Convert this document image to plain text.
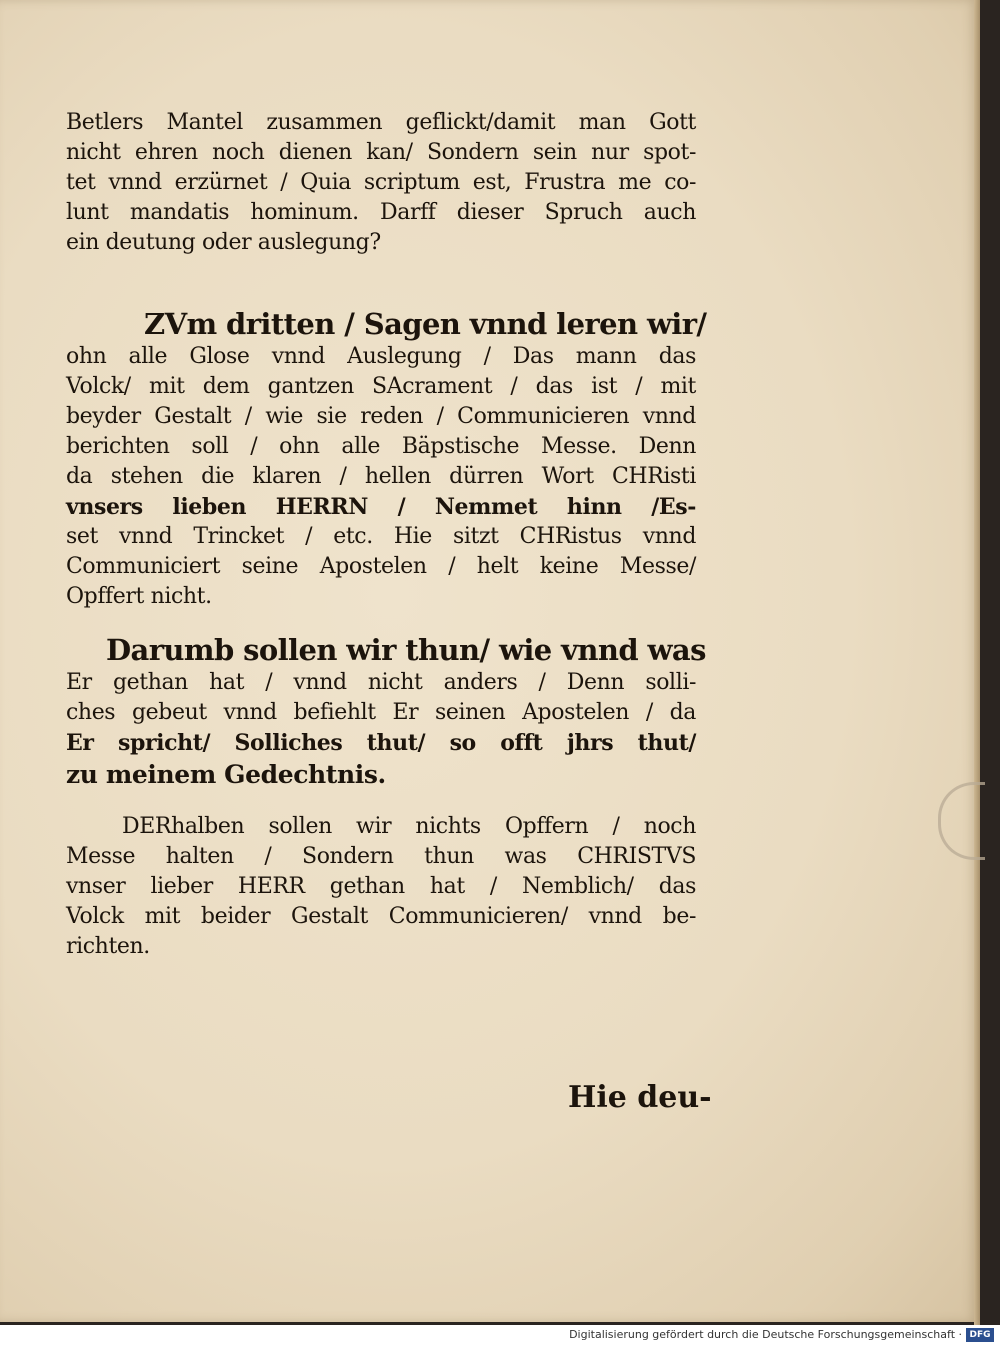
Betlers Mantel zusammen geflickt/damit man Gott
nicht ehren noch dienen kan/ Sondern sein nur spot-
tet vnnd erzürnet / Quia scriptum est, Frustra me co-
lunt mandatis hominum. Darff dieser Spruch auch
ein deutung oder auslegung?
ZVm dritten / Sagen vnnd leren wir/
ohn alle Glose vnnd Auslegung / Das mann das
Volck/ mit dem gantzen SAcrament / das ist / mit
beyder Gestalt / wie sie reden / Communicieren vnnd
berichten soll / ohn alle Bäpstische Messe. Denn
da stehen die klaren / hellen dürren Wort CHRisti
vnsers lieben HERRN / Nemmet hinn /Es-
set vnnd Trincket / etc. Hie sitzt CHRistus vnnd
Communiciert seine Apostelen / helt keine Messe/
Opffert nicht.
Darumb sollen wir thun/ wie vnnd was
Er gethan hat / vnnd nicht anders / Denn solli-
ches gebeut vnnd befiehlt Er seinen Apostelen / da
Er spricht/ Solliches thut/ so offt jhrs thut/
zu meinem Gedechtnis.
DERhalben sollen wir nichts Opffern / noch
Messe halten / Sondern thun was CHRISTVS
vnser lieber HERR gethan hat / Nemblich/ das
Volck mit beider Gestalt Communicieren/ vnnd be-
richten.
Hie deu-
Digitalisierung gefördert durch die Deutsche Forschungsgemeinschaft · DFG
